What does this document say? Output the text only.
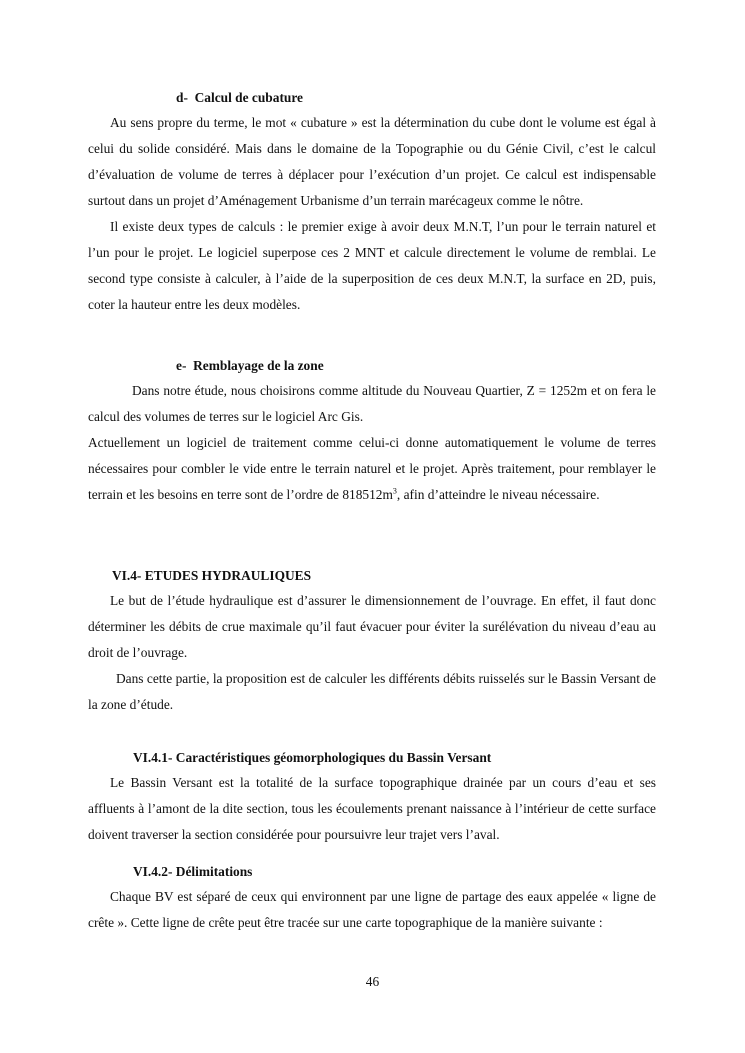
d- Calcul de cubature

Au sens propre du terme, le mot « cubature » est la détermination du cube dont le volume est égal à celui du solide considéré. Mais dans le domaine de la Topographie ou du Génie Civil, c’est le calcul d’évaluation de volume de terres à déplacer pour l’exécution d’un projet. Ce calcul est indispensable surtout dans un projet d’Aménagement Urbanisme d’un terrain marécageux comme le nôtre.

Il existe deux types de calculs : le premier exige à avoir deux M.N.T, l’un pour le terrain naturel et l’un pour le projet. Le logiciel superpose ces 2 MNT et calcule directement le volume de remblai. Le second type consiste à calculer, à l’aide de la superposition de ces deux M.N.T, la surface en 2D, puis, coter la hauteur entre les deux modèles.

e- Remblayage de la zone

Dans notre étude, nous choisirons comme altitude du Nouveau Quartier, Z = 1252m et on fera le calcul des volumes de terres sur le logiciel Arc Gis.

Actuellement un logiciel de traitement comme celui-ci donne automatiquement le volume de terres nécessaires pour combler le vide entre le terrain naturel et le projet. Après traitement, pour remblayer le terrain et les besoins en terre sont de l’ordre de $818512m^3$, afin d’atteindre le niveau nécessaire.

VI.4- ETUDES HYDRAULIQUES

Le but de l’étude hydraulique est d’assurer le dimensionnement de l’ouvrage. En effet, il faut donc déterminer les débits de crue maximale qu’il faut évacuer pour éviter la surélévation du niveau d’eau au droit de l’ouvrage.

Dans cette partie, la proposition est de calculer les différents débits ruisselés sur le Bassin Versant de la zone d’étude.

VI.4.1- Caractéristiques géomorphologiques du Bassin Versant

Le Bassin Versant est la totalité de la surface topographique drainée par un cours d’eau et ses affluents à l’amont de la dite section, tous les écoulements prenant naissance à l’intérieur de cette surface doivent traverser la section considérée pour poursuivre leur trajet vers l’aval.

VI.4.2- Délimitations

Chaque BV est séparé de ceux qui environnent par une ligne de partage des eaux appelée « ligne de crête ». Cette ligne de crête peut être tracée sur une carte topographique de la manière suivante :

46
